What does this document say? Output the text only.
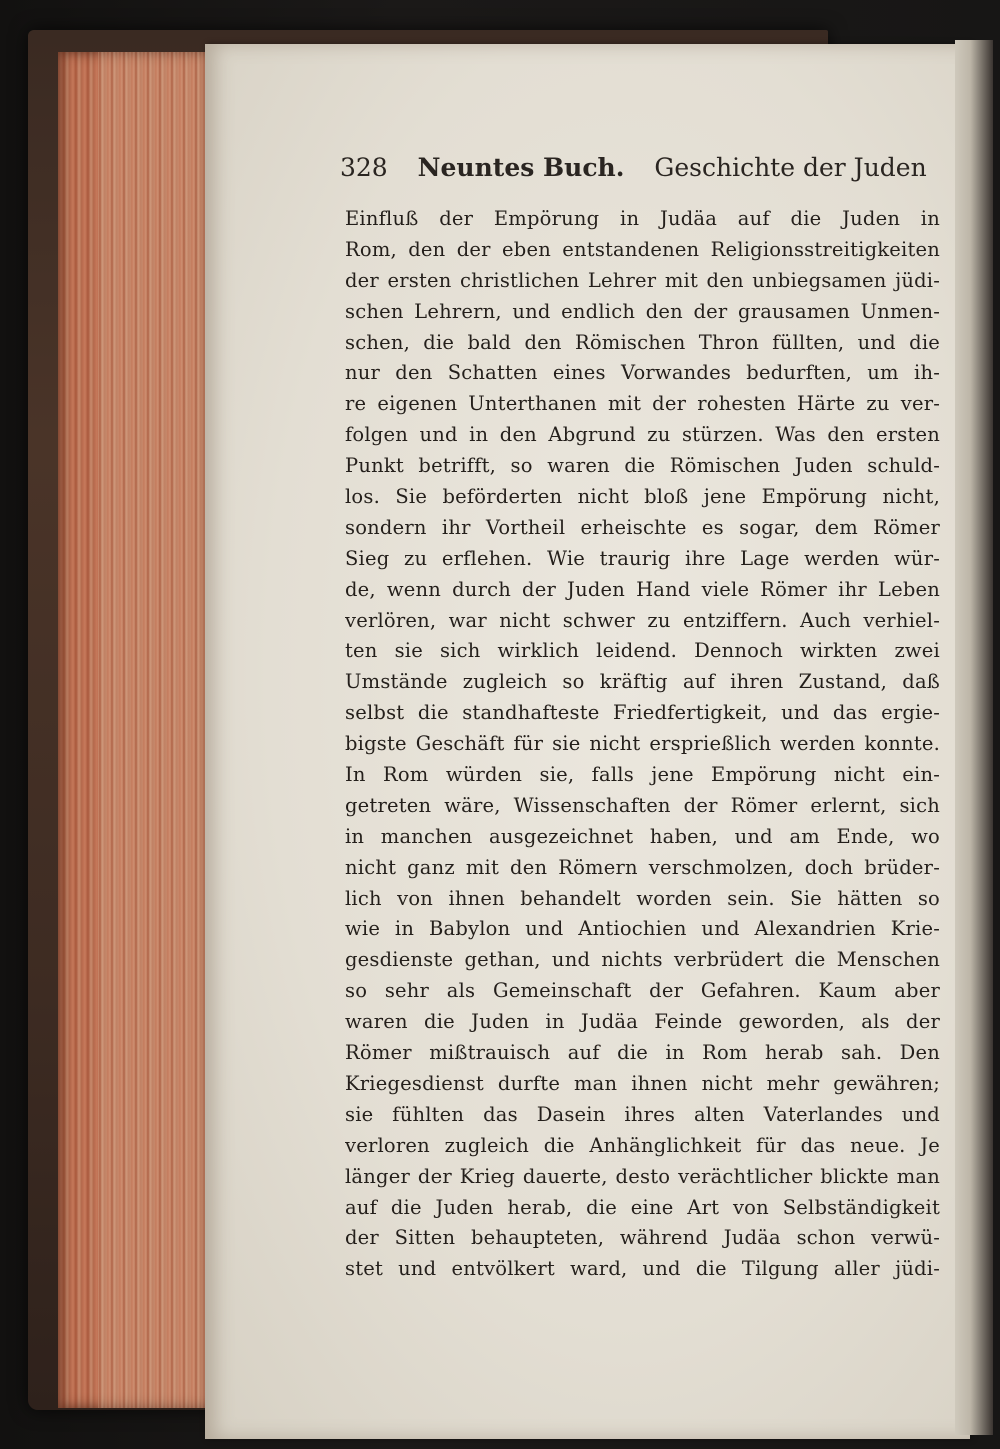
328 Neuntes Buch. Geschichte der Juden
Einfluß der Empörung in Judäa auf die Juden in
Rom, den der eben entstandenen Religionsstreitigkeiten
der ersten christlichen Lehrer mit den unbiegsamen jüdi-
schen Lehrern, und endlich den der grausamen Unmen-
schen, die bald den Römischen Thron füllten, und die
nur den Schatten eines Vorwandes bedurften, um ih-
re eigenen Unterthanen mit der rohesten Härte zu ver-
folgen und in den Abgrund zu stürzen. Was den ersten
Punkt betrifft, so waren die Römischen Juden schuld-
los. Sie beförderten nicht bloß jene Empörung nicht,
sondern ihr Vortheil erheischte es sogar, dem Römer
Sieg zu erflehen. Wie traurig ihre Lage werden wür-
de, wenn durch der Juden Hand viele Römer ihr Leben
verlören, war nicht schwer zu entziffern. Auch verhiel-
ten sie sich wirklich leidend. Dennoch wirkten zwei
Umstände zugleich so kräftig auf ihren Zustand, daß
selbst die standhafteste Friedfertigkeit, und das ergie-
bigste Geschäft für sie nicht ersprießlich werden konnte.
In Rom würden sie, falls jene Empörung nicht ein-
getreten wäre, Wissenschaften der Römer erlernt, sich
in manchen ausgezeichnet haben, und am Ende, wo
nicht ganz mit den Römern verschmolzen, doch brüder-
lich von ihnen behandelt worden sein. Sie hätten so
wie in Babylon und Antiochien und Alexandrien Krie-
gesdienste gethan, und nichts verbrüdert die Menschen
so sehr als Gemeinschaft der Gefahren. Kaum aber
waren die Juden in Judäa Feinde geworden, als der
Römer mißtrauisch auf die in Rom herab sah. Den
Kriegesdienst durfte man ihnen nicht mehr gewähren;
sie fühlten das Dasein ihres alten Vaterlandes und
verloren zugleich die Anhänglichkeit für das neue. Je
länger der Krieg dauerte, desto verächtlicher blickte man
auf die Juden herab, die eine Art von Selbständigkeit
der Sitten behaupteten, während Judäa schon verwü-
stet und entvölkert ward, und die Tilgung aller jüdi-
